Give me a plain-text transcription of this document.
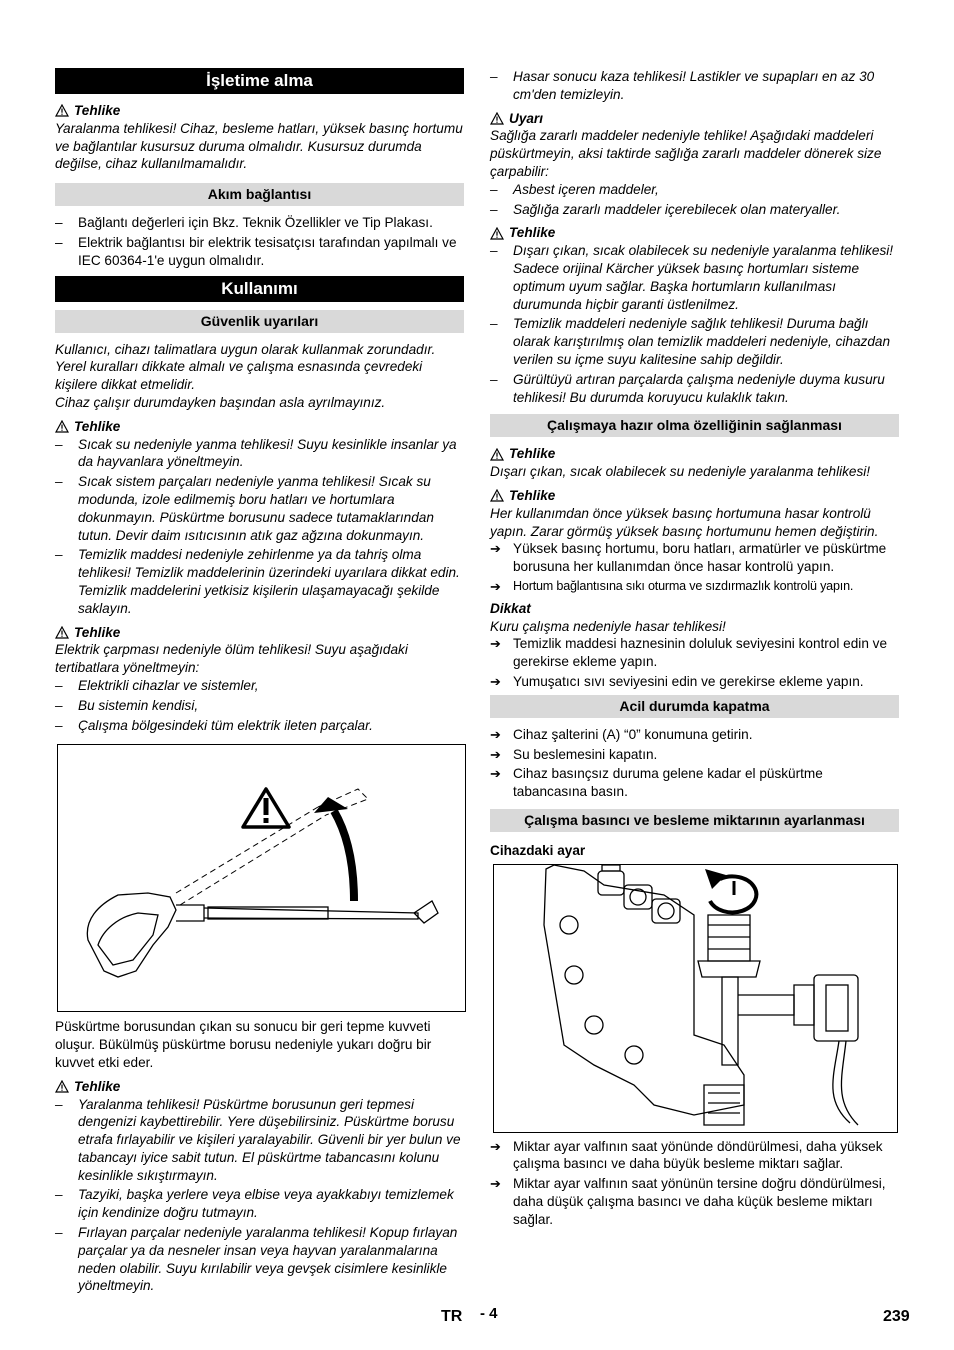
İşletime alma
Tehlike

Yaralanma tehlikesi! Cihaz, besleme hatları, yüksek basınç hortumu ve bağlantılar kusursuz duruma olmalıdır. Kusursuz durumda değilse, cihaz kullanılmamalıdır.

Akım bağlantısı
– Bağlantı değerleri için Bkz. Teknik Özellikler ve Tip Plakası.
– Elektrik bağlantısı bir elektrik tesisatçısı tarafından yapılmalı ve IEC 60364-1'e uygun olmalıdır.
Kullanımı
Güvenlik uyarıları

Kullanıcı, cihazı talimatlara uygun olarak kullanmak zorundadır. Yerel kuralları dikkate almalı ve çalışma esnasında çevredeki kişilere dikkat etmelidir.

Cihaz çalışır durumdayken başından asla ayrılmayınız.

Tehlike
– Sıcak su nedeniyle yanma tehlikesi! Suyu kesinlikle insanlar ya da hayvanlara yöneltmeyin.
– Sıcak sistem parçaları nedeniyle yanma tehlikesi! Sıcak su modunda, izole edilmemiş boru hatları ve hortumlara dokunmayın. Püskürtme borusunu sadece tutamaklarından tutun. Devir daim ısıtıcısının atık gaz ağzına dokunmayın.
– Temizlik maddesi nedeniyle zehirlenme ya da tahriş olma tehlikesi! Temizlik maddelerinin üzerindeki uyarılara dikkat edin. Temizlik maddelerini yetkisiz kişilerin ulaşamayacağı şekilde saklayın.
Tehlike

Elektrik çarpması nedeniyle ölüm tehlikesi! Suyu aşağıdaki tertibatlara yöneltmeyin:

– Elektrikli cihazlar ve sistemler,
– Bu sistemin kendisi,
– Çalışma bölgesindeki tüm elektrik ileten parçalar.

Püskürtme borusundan çıkan su sonucu bir geri tepme kuvveti oluşur. Bükülmüş püskürtme borusu nedeniyle yukarı doğru bir kuvvet etki eder.

Tehlike
– Yaralanma tehlikesi! Püskürtme borusunun geri tepmesi dengenizi kaybettirebilir. Yere düşebilirsiniz. Püskürtme borusu etrafa fırlayabilir ve kişileri yaralayabilir. Güvenli bir yer bulun ve tabancayı iyice sabit tutun. El püskürtme tabancasını kolunu kesinlikle sıkıştırmayın.
– Tazyiki, başka yerlere veya elbise veya ayakkabıyı temizlemek için kendinize doğru tutmayın.
– Fırlayan parçalar nedeniyle yaralanma tehlikesi! Kopup fırlayan parçalar ya da nesneler insan veya hayvan yaralanmalarına neden olabilir. Suyu kırılabilir veya gevşek cisimlere kesinlikle yöneltmeyin.
– Hasar sonucu kaza tehlikesi! Lastikler ve supapları en az 30 cm'den temizleyin.
Uyarı

Sağlığa zararlı maddeler nedeniyle tehlike! Aşağıdaki maddeleri püskürtmeyin, aksi taktirde sağlığa zararlı maddeler dönerek size çarpabilir:

– Asbest içeren maddeler,
– Sağlığa zararlı maddeler içerebilecek olan materyaller.
Tehlike
– Dışarı çıkan, sıcak olabilecek su nedeniyle yaralanma tehlikesi! Sadece orijinal Kärcher yüksek basınç hortumları sisteme optimum uyum sağlar. Başka hortumların kullanılması durumunda hiçbir garanti üstlenilmez.
– Temizlik maddeleri nedeniyle sağlık tehlikesi! Duruma bağlı olarak karıştırılmış olan temizlik maddeleri nedeniyle, cihazdan verilen su içme suyu kalitesine sahip değildir.
– Gürültüyü artıran parçalarda çalışma nedeniyle duyma kusuru tehlikesi! Bu durumda koruyucu kulaklık takın.
Çalışmaya hazır olma özelliğinin sağlanması
Tehlike

Dışarı çıkan, sıcak olabilecek su nedeniyle yaralanma tehlikesi!

Tehlike

Her kullanımdan önce yüksek basınç hortumuna hasar kontrolü yapın. Zarar görmüş yüksek basınç hortumunu hemen değiştirin.

➔ Yüksek basınç hortumu, boru hatları, armatürler ve püskürtme borusuna her kullanımdan önce hasar kontrolü yapın.
➔ Hortum bağlantısına sıkı oturma ve sızdırmazlık kontrolü yapın.
Dikkat

Kuru çalışma nedeniyle hasar tehlikesi!

➔ Temizlik maddesi haznesinin doluluk seviyesini kontrol edin ve gerekirse ekleme yapın.
➔ Yumuşatıcı sıvı seviyesini edin ve gerekirse ekleme yapın.
Acil durumda kapatma
➔ Cihaz şalterini (A) “0” konumuna getirin.
➔ Su beslemesini kapatın.
➔ Cihaz basınçsız duruma gelene kadar el püskürtme tabancasına basın.
Çalışma basıncı ve besleme miktarının ayarlanması
Cihazdaki ayar
➔ Miktar ayar valfının saat yönünde döndürülmesi, daha yüksek çalışma basıncı ve daha büyük besleme miktarı sağlar.
➔ Miktar ayar valfının saat yönünün tersine doğru döndürülmesi, daha düşük çalışma basıncı ve daha küçük besleme miktarı sağlar.
TR - 4	239
